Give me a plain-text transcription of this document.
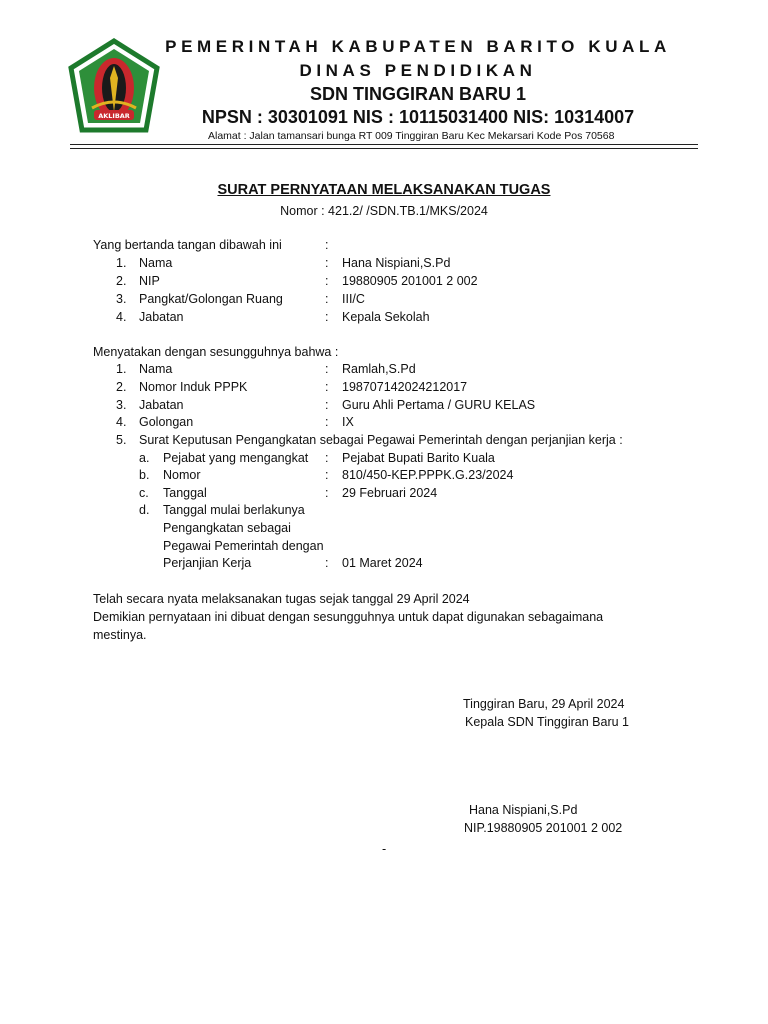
AKLIBAR
PEMERINTAH KABUPATEN BARITO KUALA
DINAS PENDIDIKAN
SDN TINGGIRAN BARU 1
NPSN : 30301091 NIS : 10115031400 NIS: 10314007
Alamat : Jalan tamansari bunga RT 009 Tinggiran Baru Kec Mekarsari Kode Pos 70568
SURAT PERNYATAAN MELAKSANAKAN TUGAS
Nomor : 421.2/ /SDN.TB.1/MKS/2024
Yang bertanda tangan dibawah ini	:
1. Nama	: Hana Nispiani,S.Pd
2. NIP	: 19880905 201001 2 002
3. Pangkat/Golongan Ruang	: III/C
4. Jabatan	: Kepala Sekolah
Menyatakan dengan sesungguhnya bahwa :
1. Nama	: Ramlah,S.Pd
2. Nomor Induk PPPK	: 198707142024212017
3. Jabatan	: Guru Ahli Pertama / GURU KELAS
4. Golongan	: IX
5. Surat Keputusan Pengangkatan sebagai Pegawai Pemerintah dengan perjanjian kerja :
a. Pejabat yang mengangkat : Pejabat Bupati Barito Kuala
b. Nomor	: 810/450-KEP.PPPK.G.23/2024
c. Tanggal	: 29 Februari 2024
d. Tanggal mulai berlakunya
Pengangkatan sebagai
Pegawai Pemerintah dengan
Perjanjian Kerja	: 01 Maret 2024
Telah secara nyata melaksanakan tugas sejak tanggal 29 April 2024
Demikian pernyataan ini dibuat dengan sesungguhnya untuk dapat digunakan sebagaimana
mestinya.
Tinggiran Baru, 29 April 2024
Kepala SDN Tinggiran Baru 1
Hana Nispiani,S.Pd
NIP.19880905 201001 2 002
-
